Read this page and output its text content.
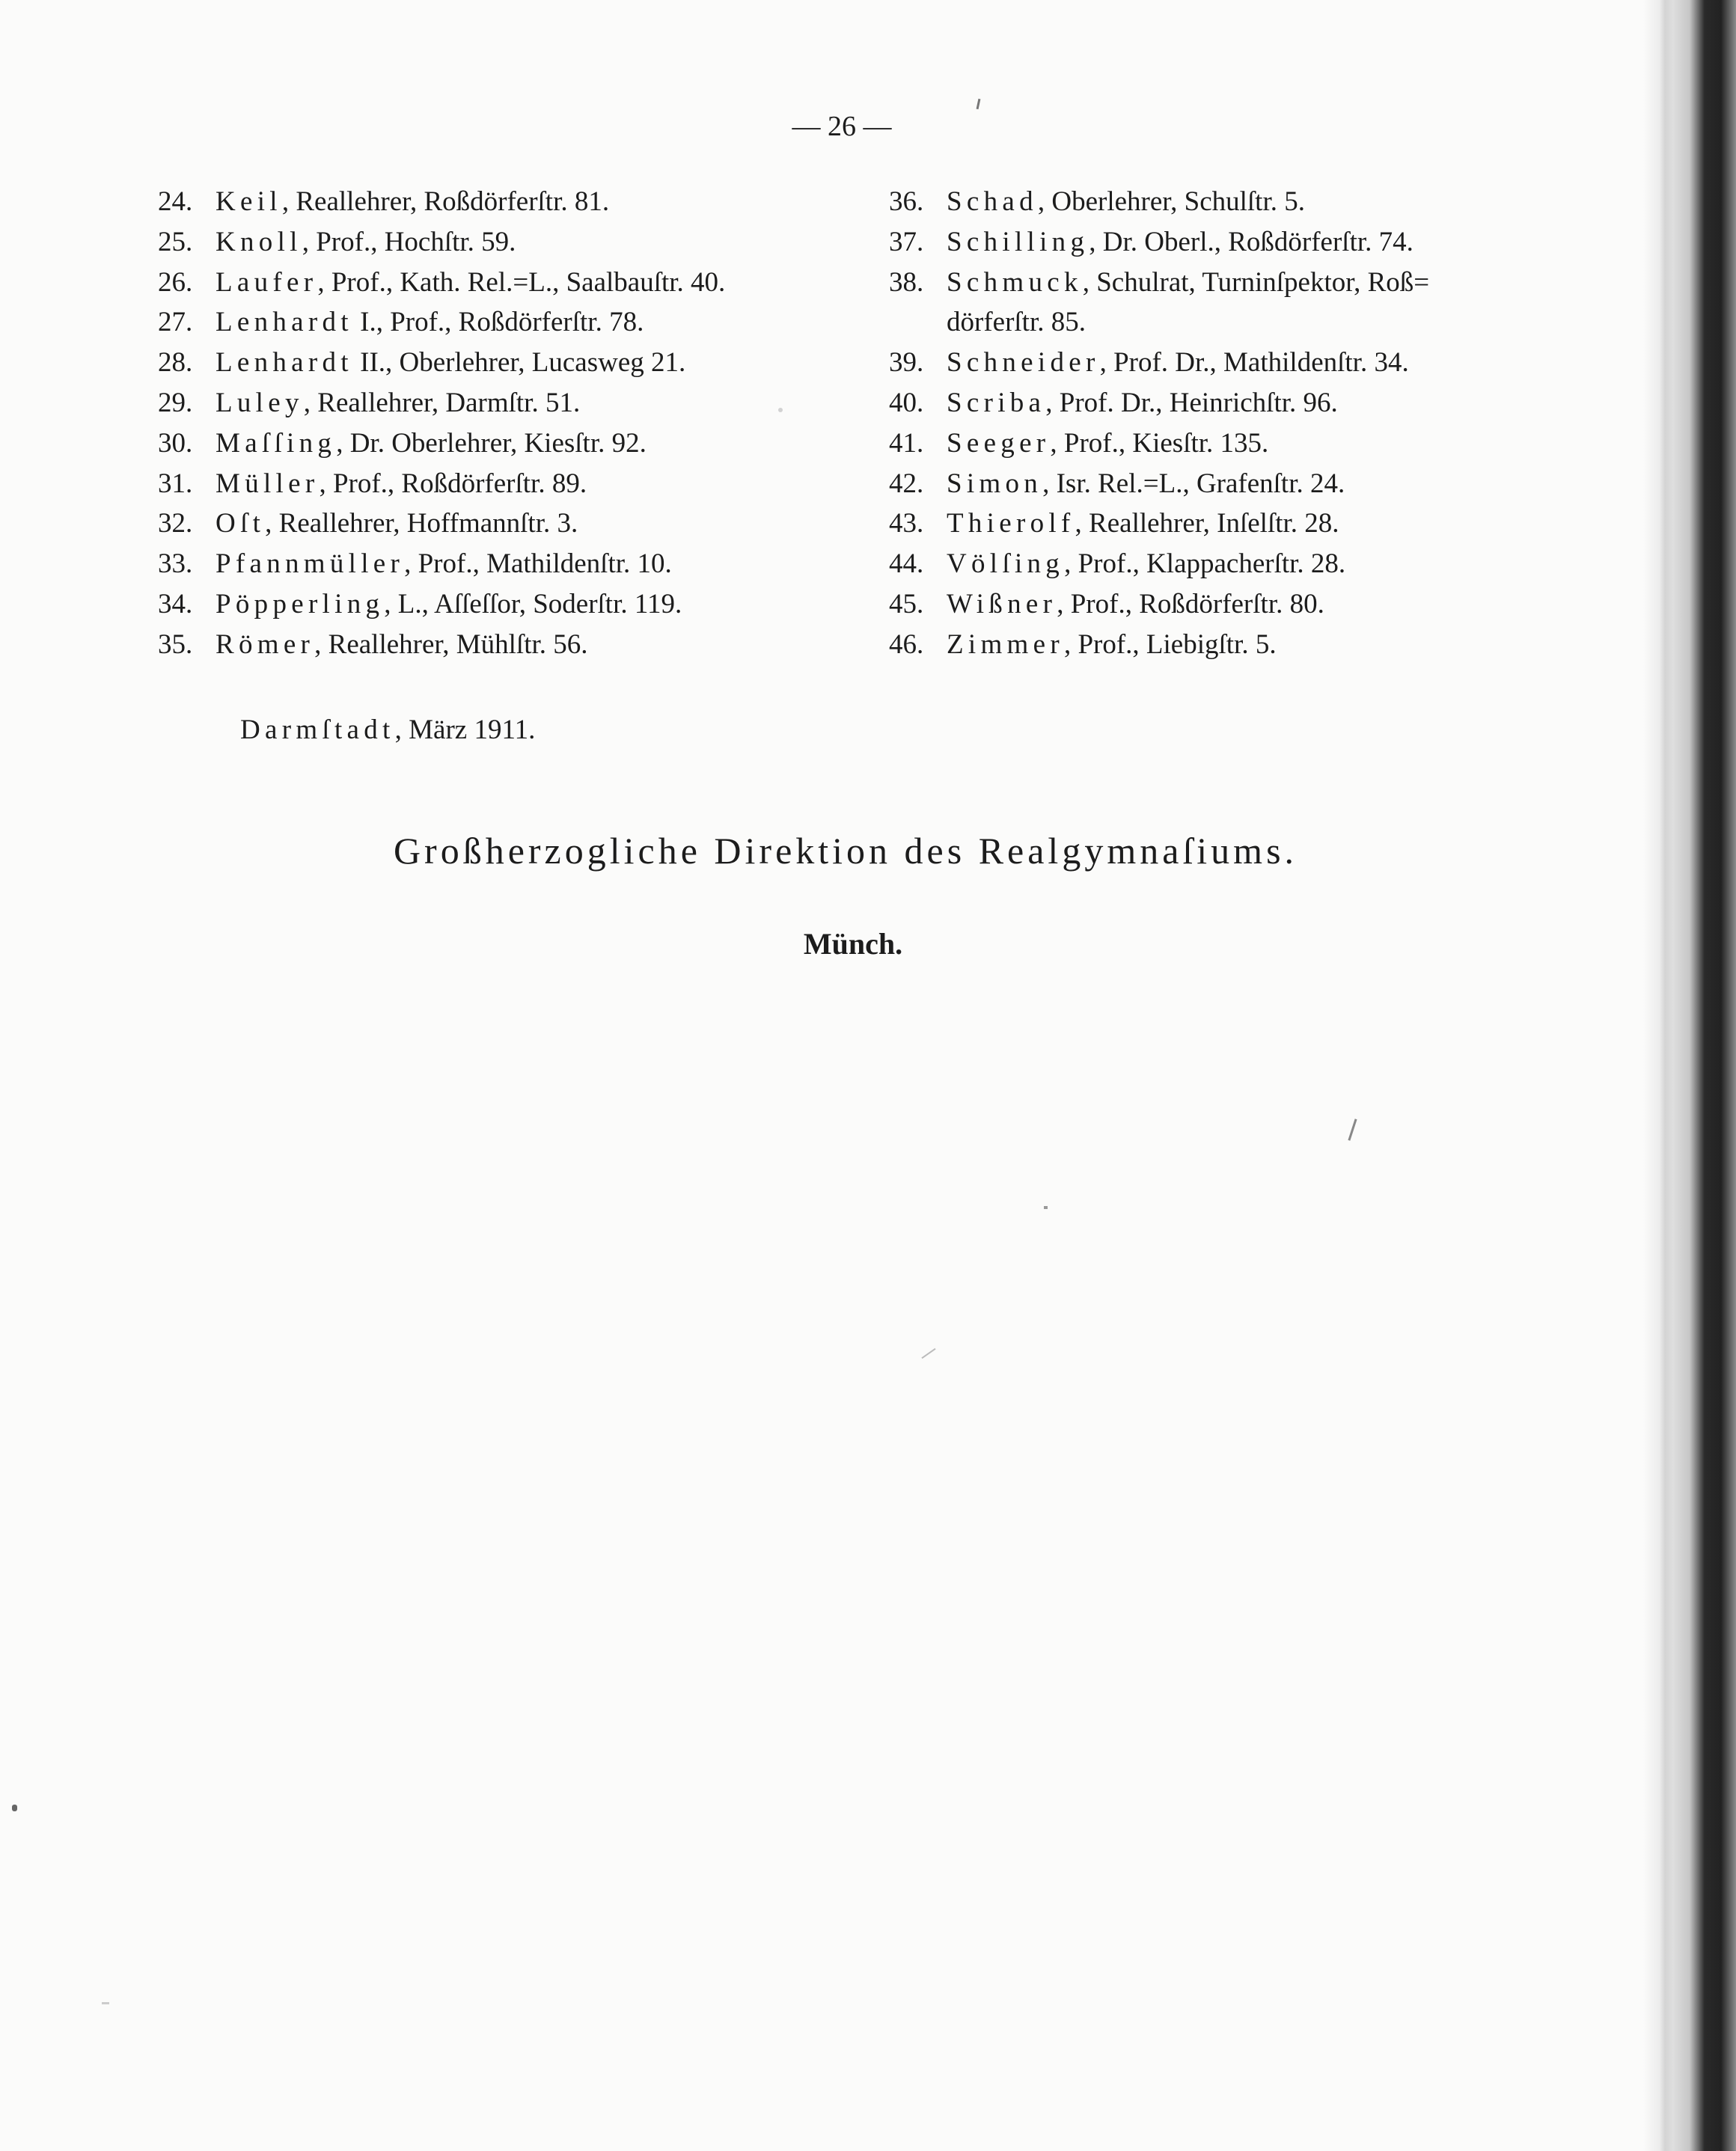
— 26 —
24. Keil, Reallehrer, Roßdörferſtr. 81.
25. Knoll, Prof., Hochſtr. 59.
26. Laufer, Prof., Kath. Rel.=L., Saalbauſtr. 40.
27. Lenhardt I., Prof., Roßdörferſtr. 78.
28. Lenhardt II., Oberlehrer, Lucasweg 21.
29. Luley, Reallehrer, Darmſtr. 51.
30. Maſſing, Dr. Oberlehrer, Kiesſtr. 92.
31. Müller, Prof., Roßdörferſtr. 89.
32. Oſt, Reallehrer, Hoffmannſtr. 3.
33. Pfannmüller, Prof., Mathildenſtr. 10.
34. Pöpperling, L., Aſſeſſor, Soderſtr. 119.
35. Römer, Reallehrer, Mühlſtr. 56.
36. Schad, Oberlehrer, Schulſtr. 5.
37. Schilling, Dr. Oberl., Roßdörferſtr. 74.
38. Schmuck, Schulrat, Turninſpektor, Roß=
dörferſtr. 85.
39. Schneider, Prof. Dr., Mathildenſtr. 34.
40. Scriba, Prof. Dr., Heinrichſtr. 96.
41. Seeger, Prof., Kiesſtr. 135.
42. Simon, Isr. Rel.=L., Grafenſtr. 24.
43. Thierolf, Reallehrer, Inſelſtr. 28.
44. Völſing, Prof., Klappacherſtr. 28.
45. Wißner, Prof., Roßdörferſtr. 80.
46. Zimmer, Prof., Liebigſtr. 5.
Darmſtadt, März 1911.
Großherzogliche Direktion des Realgymnaſiums.
Münch.
